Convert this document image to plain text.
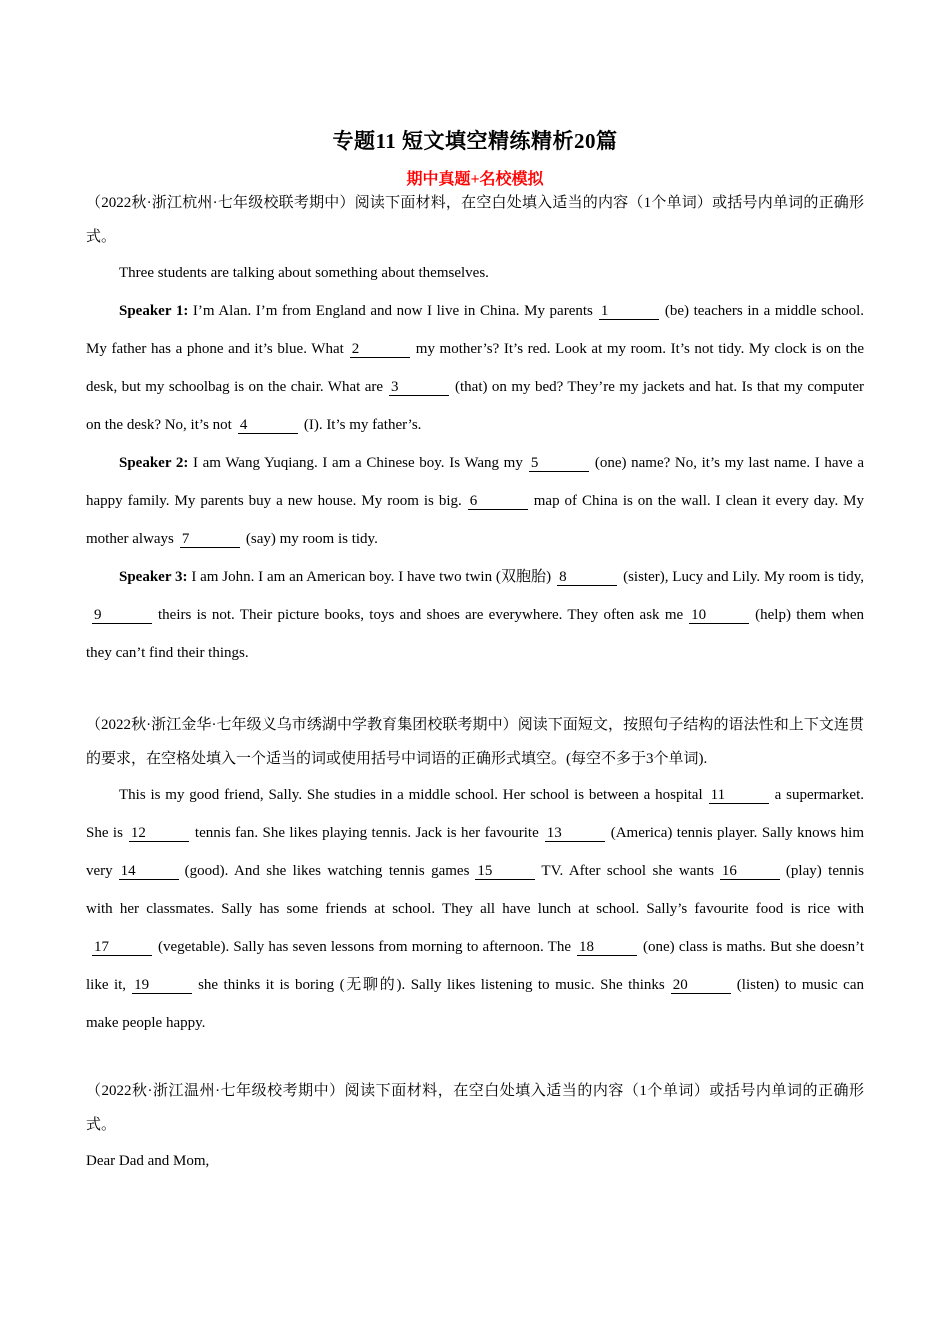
专题11 短文填空精练精析20篇
期中真题+名校模拟

（2022秋·浙江杭州·七年级校联考期中）阅读下面材料，在空白处填入适当的内容（1个单词）或括号内单词的正确形式。

Three students are talking about something about themselves.

Speaker 1: I’m Alan. I’m from England and now I live in China. My parents 1	(be) teachers in a middle school. My father has a phone and it’s blue. What 2	my mother’s? It’s red. Look at my room. It’s not tidy. My clock is on the desk, but my schoolbag is on the chair. What are 3	(that) on my bed? They’re my jackets and hat. Is that my computer on the desk? No, it’s not 4	(I). It’s my father’s.

Speaker 2: I am Wang Yuqiang. I am a Chinese boy. Is Wang my 5	(one) name? No, it’s my last name. I have a happy family. My parents buy a new house. My room is big. 6	map of China is on the wall. I clean it every day. My mother always 7	(say) my room is tidy.

Speaker 3: I am John. I am an American boy. I have two twin (双胞胎) 8	(sister), Lucy and Lily. My room is tidy,9	theirs is not. Their picture books, toys and shoes are everywhere. They often ask me 10	(help) them when they can’t find their things.

（2022秋·浙江金华·七年级义乌市绣湖中学教育集团校联考期中）阅读下面短文，按照句子结构的语法性和上下文连贯的要求，在空格处填入一个适当的词或使用括号中词语的正确形式填空。(每空不多于3个单词).

This is my good friend, Sally. She studies in a middle school. Her school is between a hospital 11	a supermarket. She is 12	tennis fan. She likes playing tennis. Jack is her favourite 13	(America) tennis player. Sally knows him very 14	(good). And she likes watching tennis games 15	TV. After school she wants 16	(play) tennis with her classmates. Sally has some friends at school. They all have lunch at school. Sally’s favourite food is rice with17	(vegetable). Sally has seven lessons from morning to afternoon. The 18	(one) class is maths. But she doesn’t like it, 19	she thinks it is boring (无聊的). Sally likes listening to music. She thinks 20	(listen) to music can make people happy.

（2022秋·浙江温州·七年级校考期中）阅读下面材料，在空白处填入适当的内容（1个单词）或括号内单词的正确形式。

Dear Dad and Mom,
